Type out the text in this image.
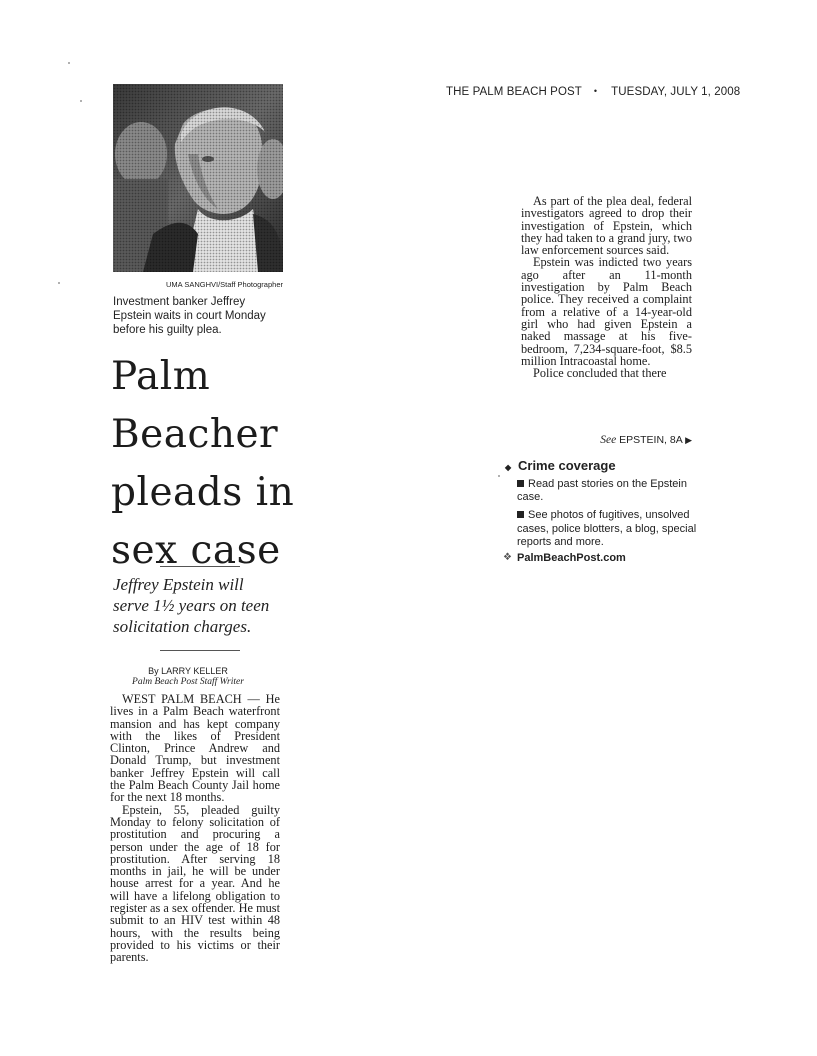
THE PALM BEACH POST • TUESDAY, JULY 1, 2008
UMA SANGHVI/Staff Photographer
Investment banker Jeffrey Epstein waits in court Monday before his guilty plea.
Palm
Beacher
pleads in
sex case
Jeffrey Epstein will
serve 1½ years on teen
solicitation charges.
By LARRY KELLER
Palm Beach Post Staff Writer

WEST PALM BEACH — He lives in a Palm Beach waterfront mansion and has kept company with the likes of President Clinton, Prince Andrew and Donald Trump, but investment banker Jeffrey Epstein will call the Palm Beach County Jail home for the next 18 months.

Epstein, 55, pleaded guilty Monday to felony solicitation of prostitution and procuring a person under the age of 18 for prostitution. After serving 18 months in jail, he will be under house arrest for a year. And he will have a lifelong obligation to register as a sex offender. He must submit to an HIV test within 48 hours, with the results being provided to his victims or their parents.

As part of the plea deal, federal investigators agreed to drop their investigation of Epstein, which they had taken to a grand jury, two law enforcement sources said.

Epstein was indicted two years ago after an 11-month investigation by Palm Beach police. They received a complaint from a relative of a 14-year-old girl who had given Epstein a naked massage at his five-bedroom, 7,234-square-foot, $8.5 million Intracoastal home.

Police concluded that there

See EPSTEIN, 8A ▶
◆ Crime coverage
Read past stories on the Epstein case.
See photos of fugitives, unsolved cases, police blotters, a blog, special reports and more.
❖ PalmBeachPost.com
